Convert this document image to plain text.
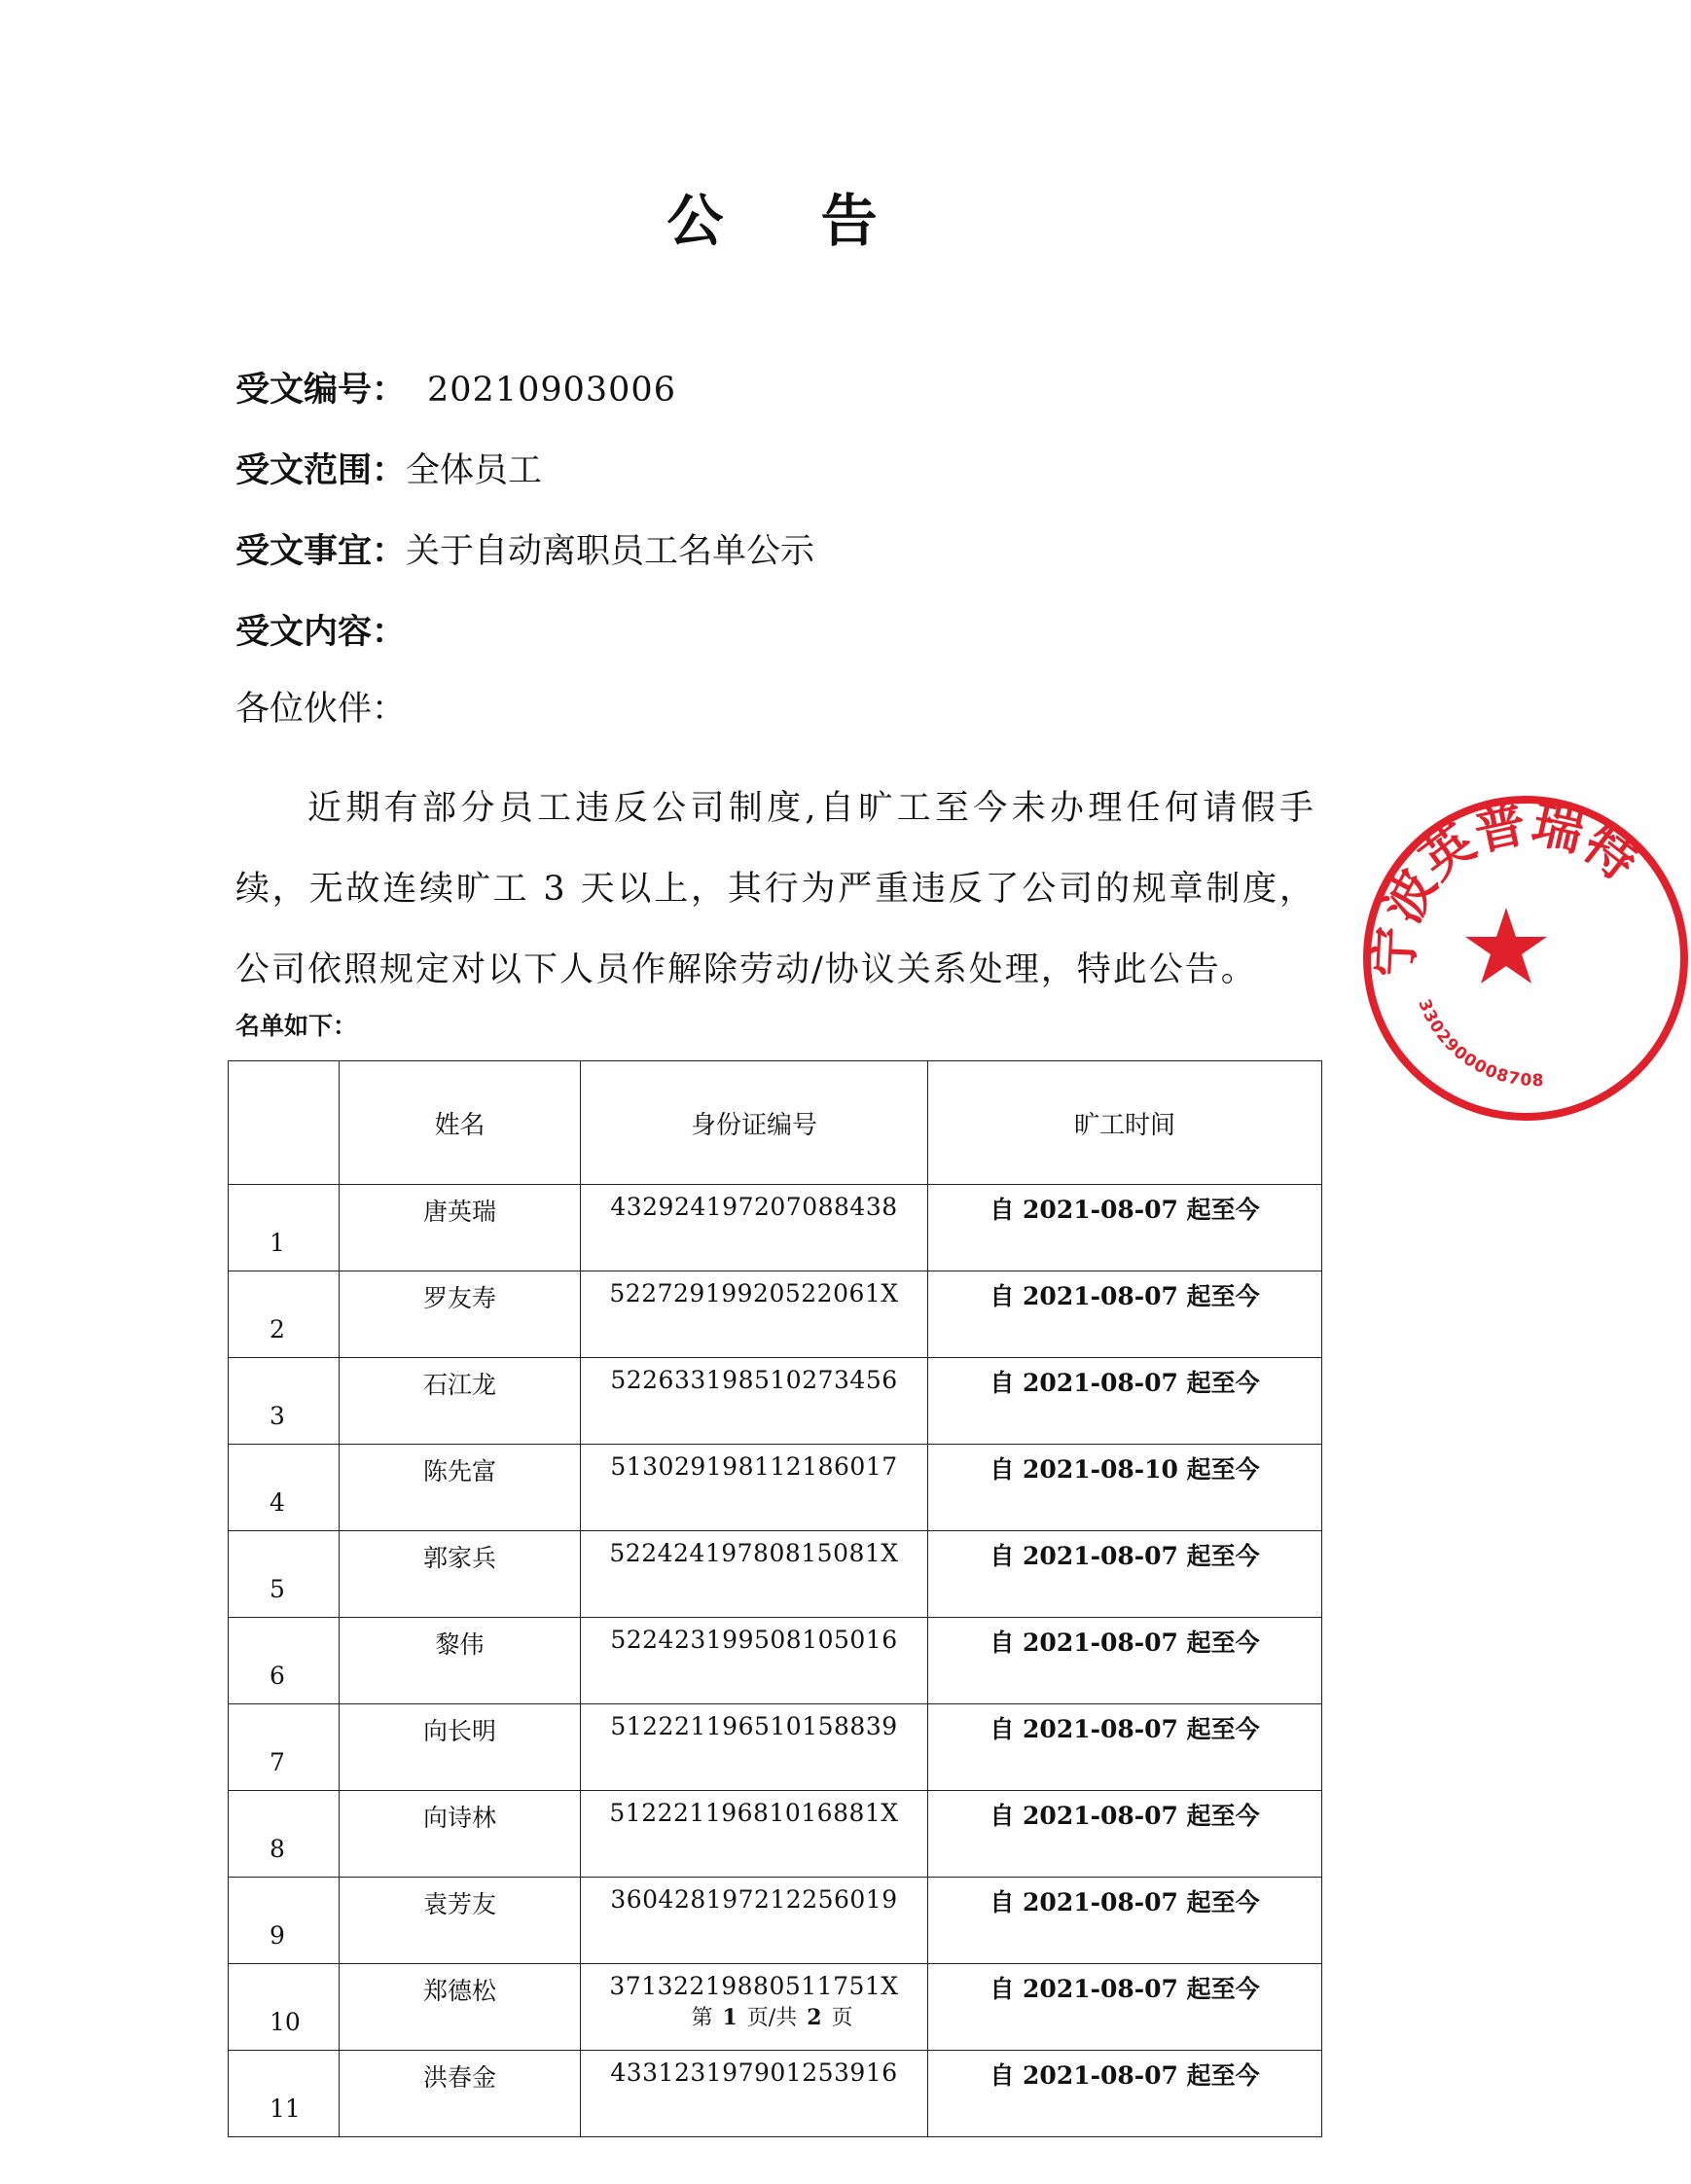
公 告
受文编号： 20210903006
受文范围：全体员工
受文事宜：关于自动离职员工名单公示
受文内容：
各位伙伴：
近期有部分员工违反公司制度,自旷工至今未办理任何请假手续，无故连续旷工 3 天以上，其行为严重违反了公司的规章制度，公司依照规定对以下人员作解除劳动/协议关系处理，特此公告。
名单如下：
	姓名	身份证编号	旷工时间
1	唐英瑞	432924197207088438	自 2021-08-07 起至今
2	罗友寿	52272919920522061X	自 2021-08-07 起至今
3	石江龙	522633198510273456	自 2021-08-07 起至今
4	陈先富	513029198112186017	自 2021-08-10 起至今
5	郭家兵	52242419780815081X	自 2021-08-07 起至今
6	黎伟	522423199508105016	自 2021-08-07 起至今
7	向长明	512221196510158839	自 2021-08-07 起至今
8	向诗林	51222119681016881X	自 2021-08-07 起至今
9	袁芳友	360428197212256019	自 2021-08-07 起至今
10	郑德松	37132219880511751X	自 2021-08-07 起至今
11	洪春金	433123197901253916	自 2021-08-07 起至今
第 1 页/共 2 页
宁波英普瑞特
3302900008708
